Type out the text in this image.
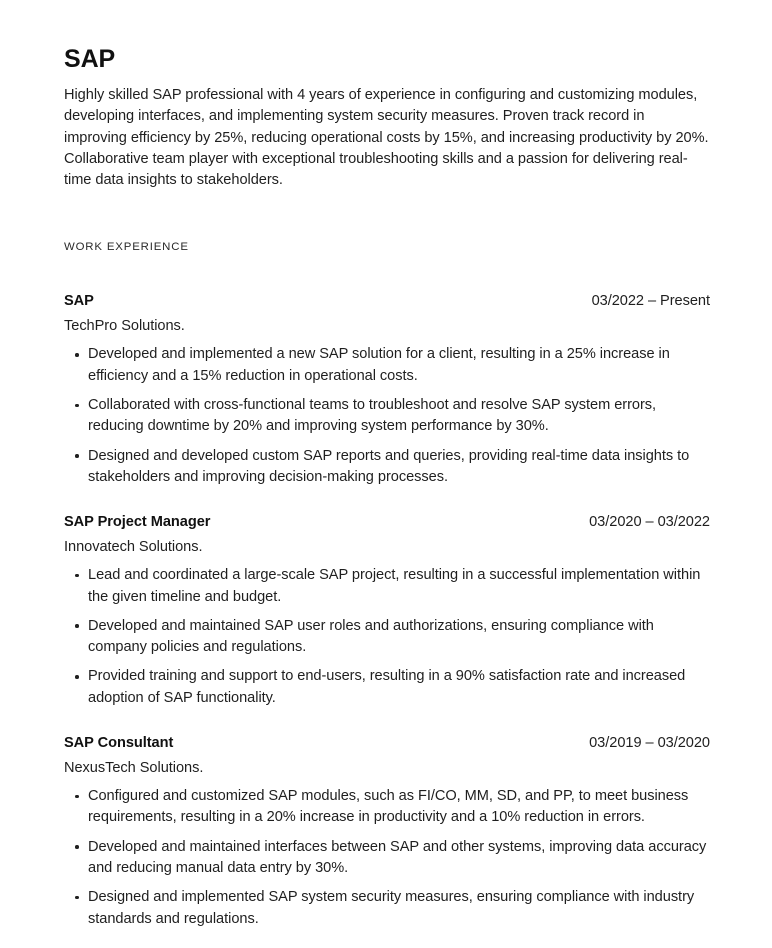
SAP

Highly skilled SAP professional with 4 years of experience in configuring and customizing modules, developing interfaces, and implementing system security measures. Proven track record in improving efficiency by 25%, reducing operational costs by 15%, and increasing productivity by 20%. Collaborative team player with exceptional troubleshooting skills and a passion for delivering real-time data insights to stakeholders.

WORK EXPERIENCE
SAP	03/2022 – Present
TechPro Solutions.
Developed and implemented a new SAP solution for a client, resulting in a 25% increase in efficiency and a 15% reduction in operational costs.
Collaborated with cross-functional teams to troubleshoot and resolve SAP system errors, reducing downtime by 20% and improving system performance by 30%.
Designed and developed custom SAP reports and queries, providing real-time data insights to stakeholders and improving decision-making processes.
SAP Project Manager	03/2020 – 03/2022
Innovatech Solutions.
Lead and coordinated a large-scale SAP project, resulting in a successful implementation within the given timeline and budget.
Developed and maintained SAP user roles and authorizations, ensuring compliance with company policies and regulations.
Provided training and support to end-users, resulting in a 90% satisfaction rate and increased adoption of SAP functionality.
SAP Consultant	03/2019 – 03/2020
NexusTech Solutions.
Configured and customized SAP modules, such as FI/CO, MM, SD, and PP, to meet business requirements, resulting in a 20% increase in productivity and a 10% reduction in errors.
Developed and maintained interfaces between SAP and other systems, improving data accuracy and reducing manual data entry by 30%.
Designed and implemented SAP system security measures, ensuring compliance with industry standards and regulations.
